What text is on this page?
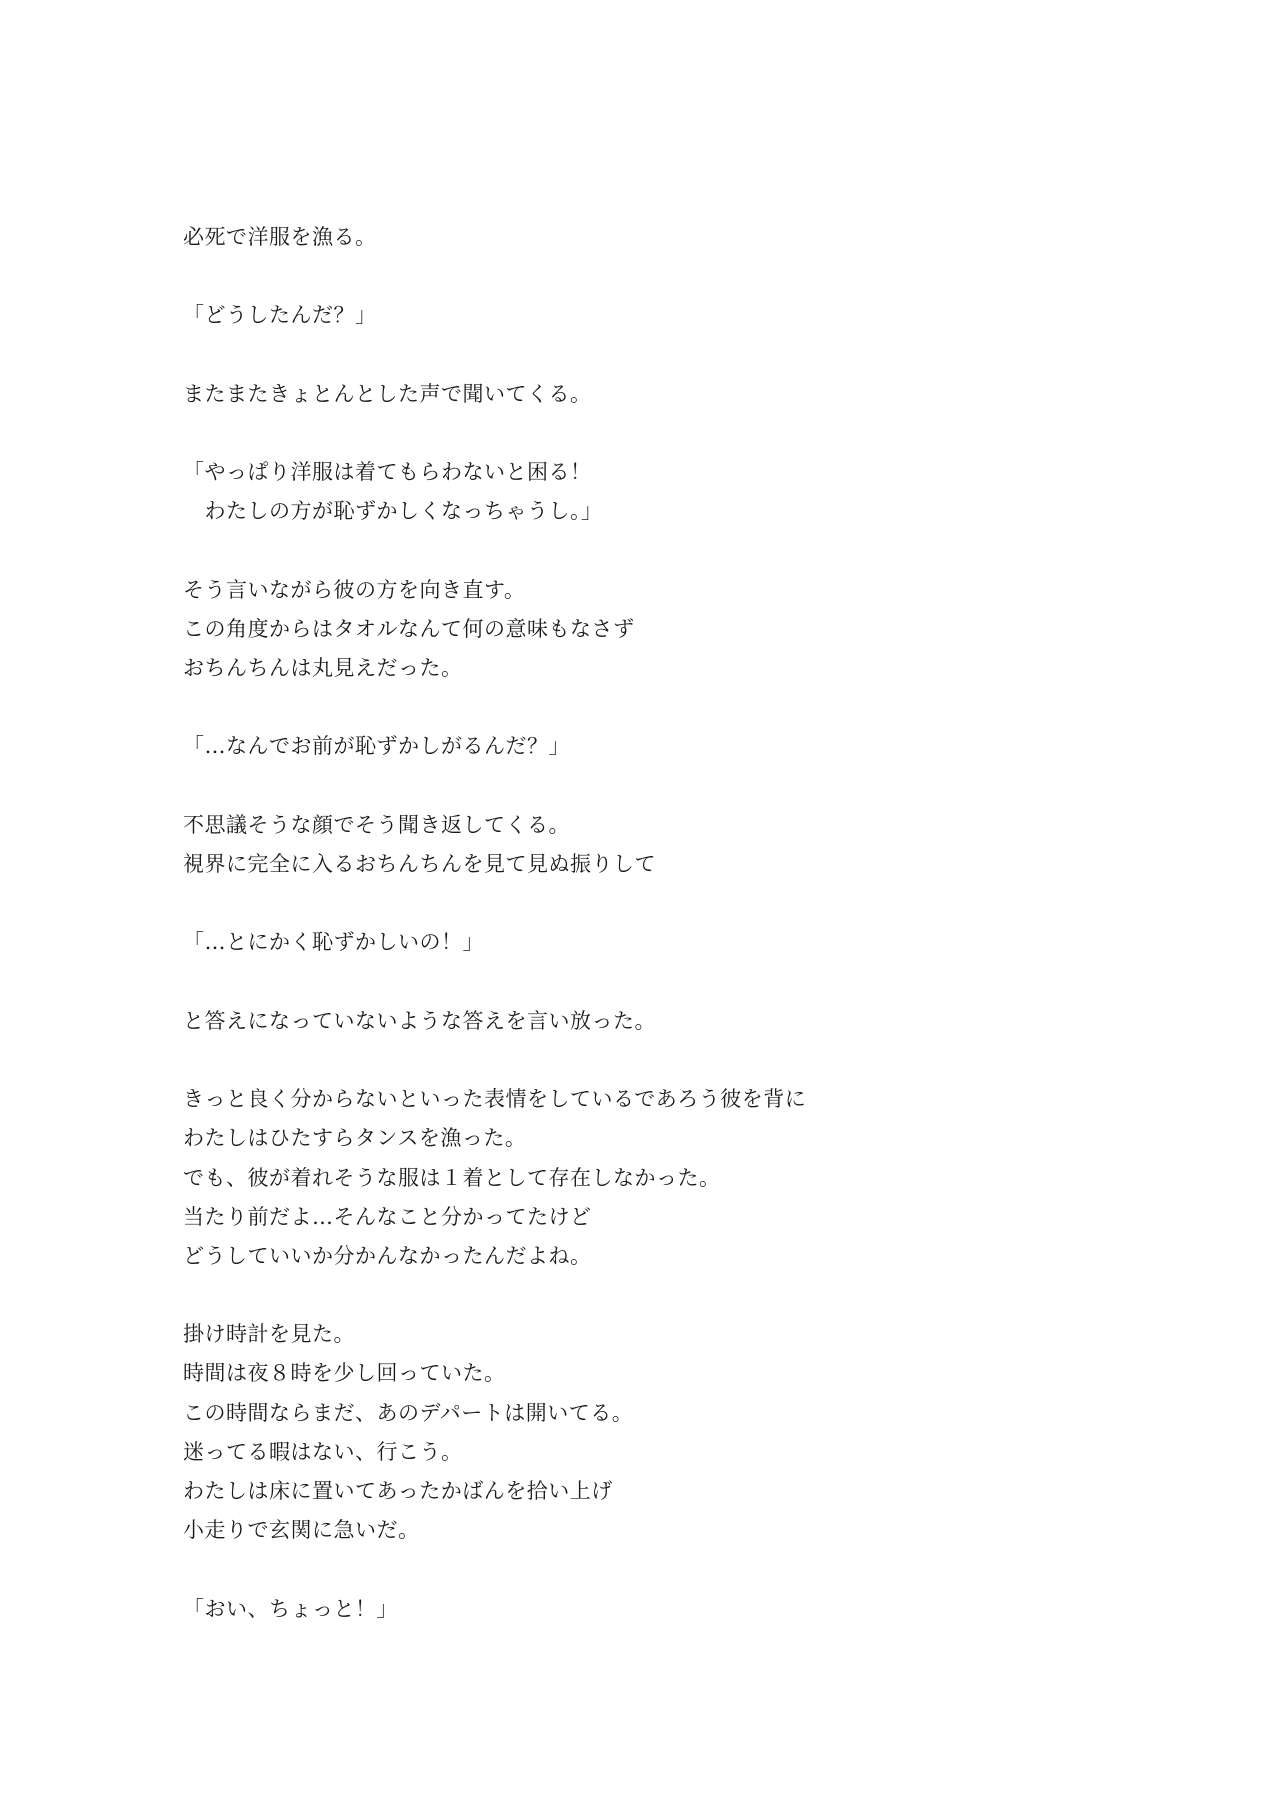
必死で洋服を漁る。
「どうしたんだ？」
またまたきょとんとした声で聞いてくる。
「やっぱり洋服は着てもらわないと困る！
　わたしの方が恥ずかしくなっちゃうし。」
そう言いながら彼の方を向き直す。
この角度からはタオルなんて何の意味もなさず
おちんちんは丸見えだった。
「…なんでお前が恥ずかしがるんだ？」
不思議そうな顔でそう聞き返してくる。
視界に完全に入るおちんちんを見て見ぬ振りして
「…とにかく恥ずかしいの！」
と答えになっていないような答えを言い放った。
きっと良く分からないといった表情をしているであろう彼を背に
わたしはひたすらタンスを漁った。
でも、彼が着れそうな服は１着として存在しなかった。
当たり前だよ…そんなこと分かってたけど
どうしていいか分かんなかったんだよね。
掛け時計を見た。
時間は夜８時を少し回っていた。
この時間ならまだ、あのデパートは開いてる。
迷ってる暇はない、行こう。
わたしは床に置いてあったかばんを拾い上げ
小走りで玄関に急いだ。
「おい、ちょっと！」
